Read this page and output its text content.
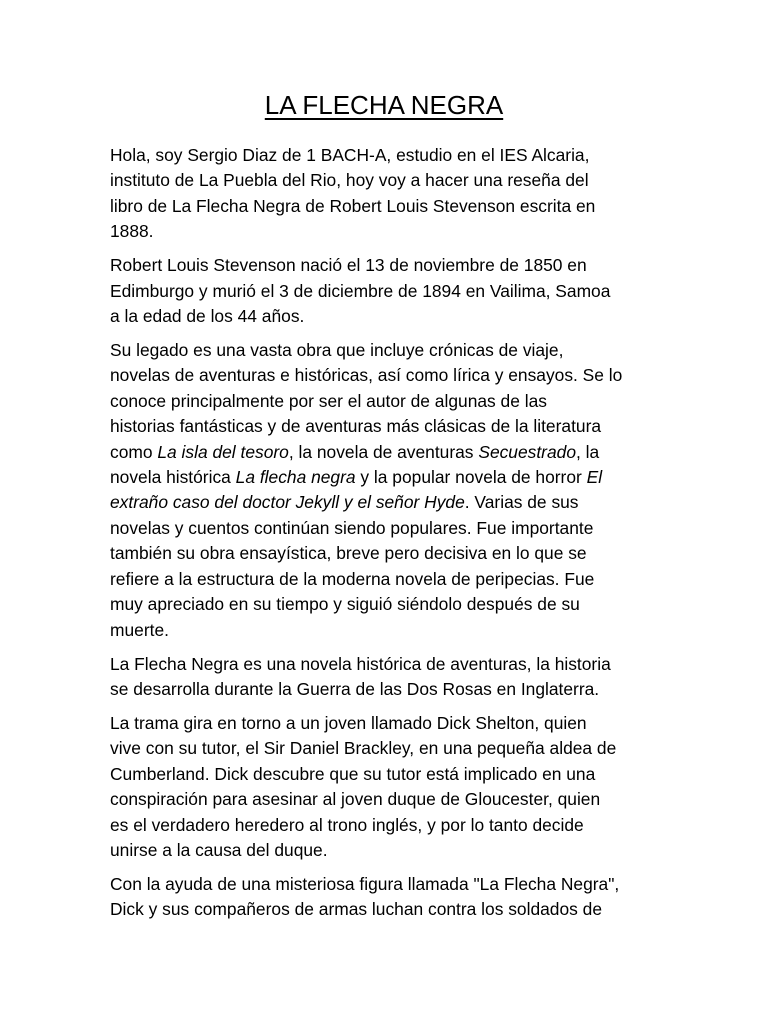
LA FLECHA NEGRA

Hola, soy Sergio Diaz de 1 BACH-A, estudio en el IES Alcaria,
instituto de La Puebla del Rio, hoy voy a hacer una reseña del
libro de La Flecha Negra de Robert Louis Stevenson escrita en
1888.

Robert Louis Stevenson nació el 13 de noviembre de 1850 en
Edimburgo y murió el 3 de diciembre de 1894 en Vailima, Samoa
a la edad de los 44 años.

Su legado es una vasta obra que incluye crónicas de viaje,
novelas de aventuras e históricas, así como lírica y ensayos. Se lo
conoce principalmente por ser el autor de algunas de las
historias fantásticas y de aventuras más clásicas de la literatura
como La isla del tesoro, la novela de aventuras Secuestrado, la
novela histórica La flecha negra y la popular novela de horror El
extraño caso del doctor Jekyll y el señor Hyde. Varias de sus
novelas y cuentos continúan siendo populares. Fue importante
también su obra ensayística, breve pero decisiva en lo que se
refiere a la estructura de la moderna novela de peripecias. Fue
muy apreciado en su tiempo y siguió siéndolo después de su
muerte.

La Flecha Negra es una novela histórica de aventuras, la historia
se desarrolla durante la Guerra de las Dos Rosas en Inglaterra.

La trama gira en torno a un joven llamado Dick Shelton, quien
vive con su tutor, el Sir Daniel Brackley, en una pequeña aldea de
Cumberland. Dick descubre que su tutor está implicado en una
conspiración para asesinar al joven duque de Gloucester, quien
es el verdadero heredero al trono inglés, y por lo tanto decide
unirse a la causa del duque.

Con la ayuda de una misteriosa figura llamada "La Flecha Negra",
Dick y sus compañeros de armas luchan contra los soldados de
